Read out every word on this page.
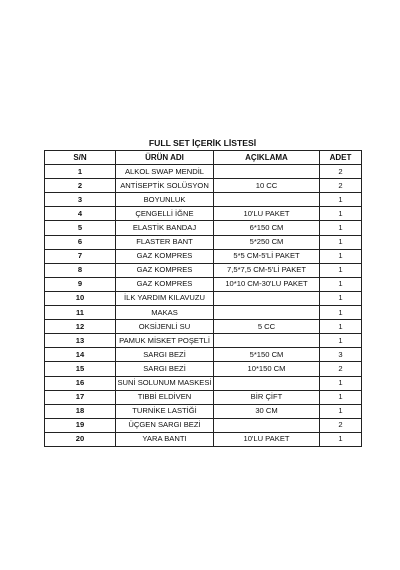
FULL SET İÇERİK LİSTESİ
S/N	ÜRÜN ADI	AÇIKLAMA	ADET
1	ALKOL SWAP MENDİL		2
2	ANTİSEPTİK SOLÜSYON	10 CC	2
3	BOYUNLUK		1
4	ÇENGELLİ İĞNE	10'LU PAKET	1
5	ELASTİK BANDAJ	6*150 CM	1
6	FLASTER BANT	5*250 CM	1
7	GAZ KOMPRES	5*5 CM-5'Lİ PAKET	1
8	GAZ KOMPRES	7,5*7,5 CM-5'Lİ PAKET	1
9	GAZ KOMPRES	10*10 CM-30'LU PAKET	1
10	İLK YARDIM KILAVUZU		1
11	MAKAS		1
12	OKSİJENLİ SU	5 CC	1
13	PAMUK MİSKET POŞETLİ		1
14	SARGI BEZİ	5*150 CM	3
15	SARGI BEZİ	10*150 CM	2
16	SUNİ SOLUNUM MASKESİ		1
17	TIBBİ ELDİVEN	BİR ÇİFT	1
18	TURNİKE LASTİĞİ	30 CM	1
19	ÜÇGEN SARGI BEZİ		2
20	YARA BANTI	10'LU PAKET	1
